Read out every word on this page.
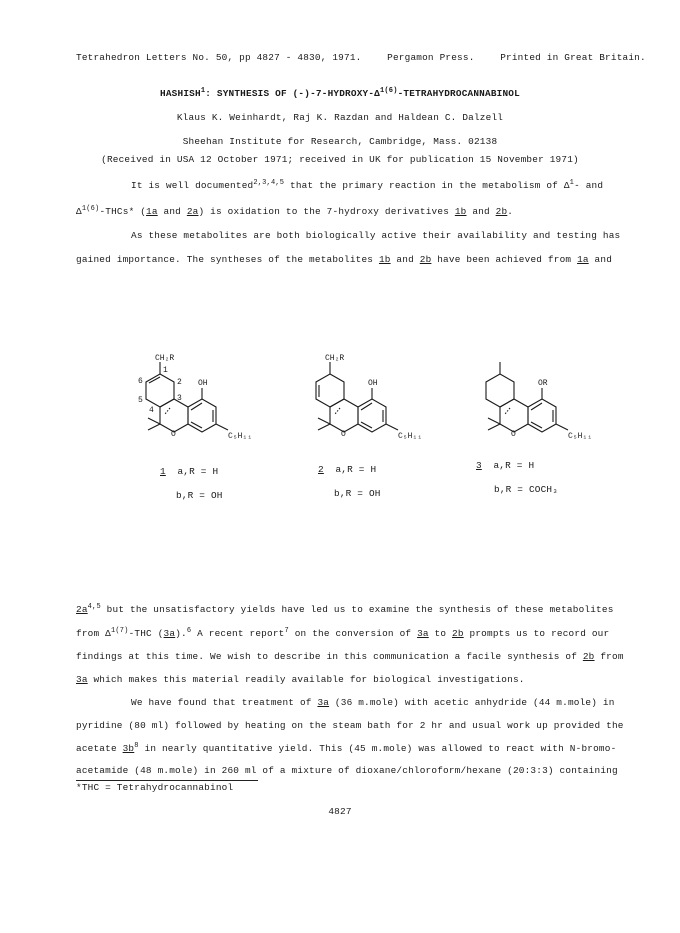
Tetrahedron Letters No. 50, pp 4827 - 4830, 1971.	Pergamon Press.	Printed in Great Britain.
HASHISH$^1$: SYNTHESIS OF $(-)-7-HYDROXY-\Delta^{1(6)}$-TETRAHYDROCANNABINOL
Klaus K. Weinhardt, Raj K. Razdan and Haldean C. Dalzell
Sheehan Institute for Research, Cambridge, Mass. 02138
(Received in USA 12 October 1971; received in UK for publication 15 November 1971)
It is well documented$^{2,3,4,5}$ that the primary reaction in the metabolism of $\Delta^1-$ and
$\Delta^{1(6)}-THCs*$ (1a and 2a) is oxidation to the 7-hydroxy derivatives 1b and 2b.
As these metabolites are both biologically active their availability and testing has
gained importance. The syntheses of the metabolites 1b and 2b have been achieved from 1a and
CH₂R
OH
C₅H₁₁
O
6
1
2
3
5
4
CH₂R
OH
C₅H₁₁
O
OR
C₅H₁₁
O
1 a,R = H
b,R = OH
2 a,R = H
b,R = OH
3 a,R = H
b,R = COCH₃
$2a^{4,5}$ but the unsatisfactory yields have led us to examine the synthesis of these metabolites
from $\Delta^{1(7)}$-THC (3a).$^6$ A recent report$^7$ on the conversion of 3a to 2b prompts us to record our
findings at this time. We wish to describe in this communication a facile synthesis of 2b from
3a which makes this material readily available for biological investigations.
We have found that treatment of 3a (36 m.mole) with acetic anhydride (44 m.mole) in
pyridine (80 ml) followed by heating on the steam bath for 2 hr and usual work up provided the
acetate $3b^8$ in nearly quantitative yield. This (45 m.mole) was allowed to react with N-bromo-
acetamide (48 m.mole) in 260 ml of a mixture of dioxane/chloroform/hexane (20:3:3) containing
*THC = Tetrahydrocannabinol
4827
